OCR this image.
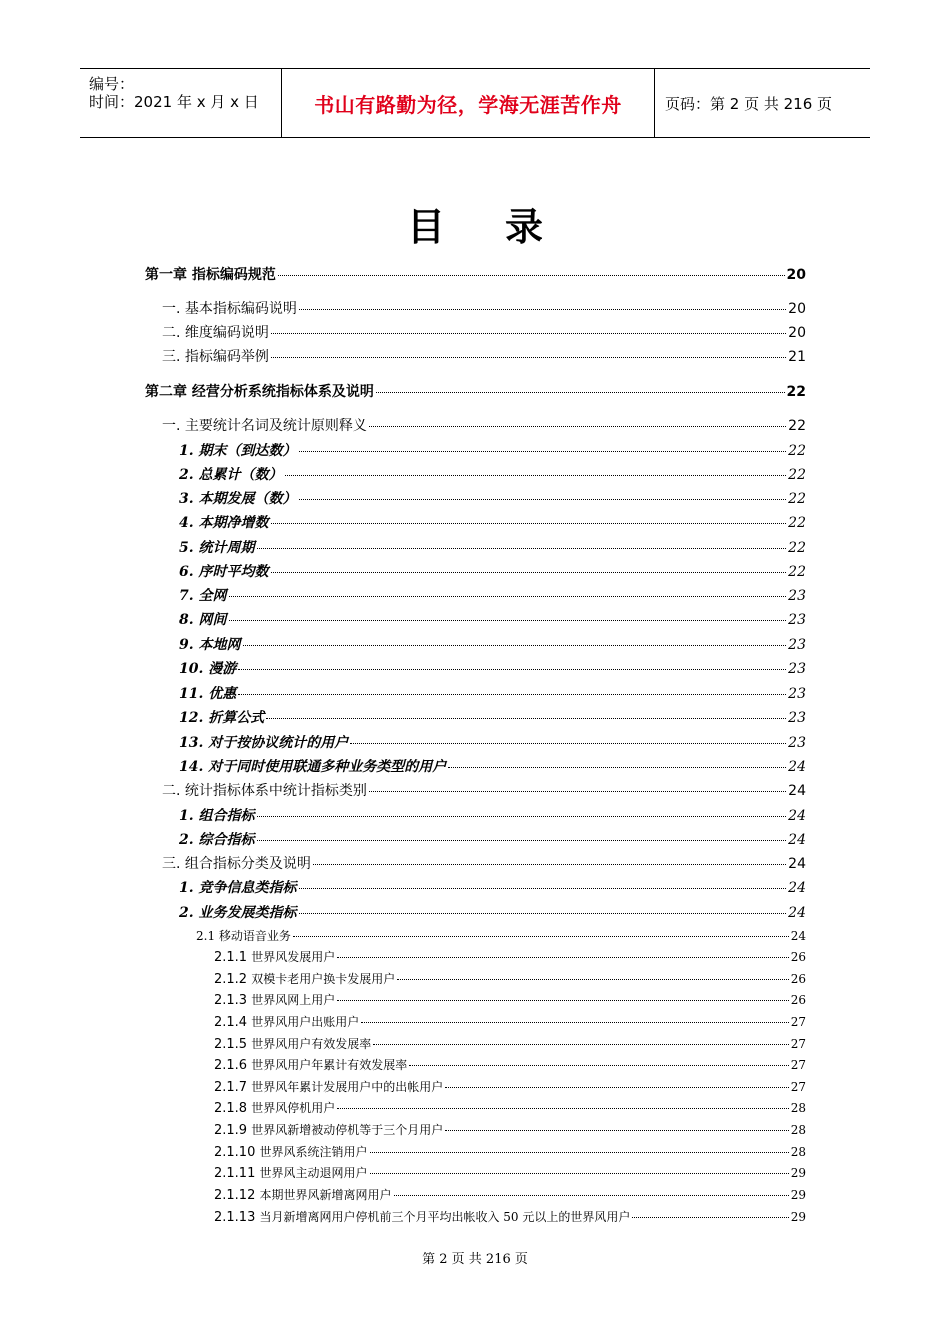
编号：
时间：2021 年 x 月 x 日	书山有路勤为径，学海无涯苦作舟	页码：第 2 页 共 216 页
目录
第一章 指标编码规范	20
一. 基本指标编码说明	20
二. 维度编码说明	20
三. 指标编码举例	21
第二章 经营分析系统指标体系及说明	22
一. 主要统计名词及统计原则释义	22
1. 期末（到达数）	22
2. 总累计（数）	22
3. 本期发展（数）	22
4. 本期净增数	22
5. 统计周期	22
6. 序时平均数	22
7. 全网	23
8. 网间	23
9. 本地网	23
10. 漫游	23
11. 优惠	23
12. 折算公式	23
13. 对于按协议统计的用户	23
14. 对于同时使用联通多种业务类型的用户	24
二. 统计指标体系中统计指标类别	24
1. 组合指标	24
2. 综合指标	24
三. 组合指标分类及说明	24
1. 竞争信息类指标	24
2. 业务发展类指标	24
2.1 移动语音业务	24
2.1.1 世界风发展用户	26
2.1.2 双模卡老用户换卡发展用户	26
2.1.3 世界风网上用户	26
2.1.4 世界风用户出账用户	27
2.1.5 世界风用户有效发展率	27
2.1.6 世界风用户年累计有效发展率	27
2.1.7 世界风年累计发展用户中的出帐用户	27
2.1.8 世界风停机用户	28
2.1.9 世界风新增被动停机等于三个月用户	28
2.1.10 世界风系统注销用户	28
2.1.11 世界风主动退网用户	29
2.1.12 本期世界风新增离网用户	29
2.1.13 当月新增离网用户停机前三个月平均出帐收入 50 元以上的世界风用户	29
第 2 页 共 216 页
